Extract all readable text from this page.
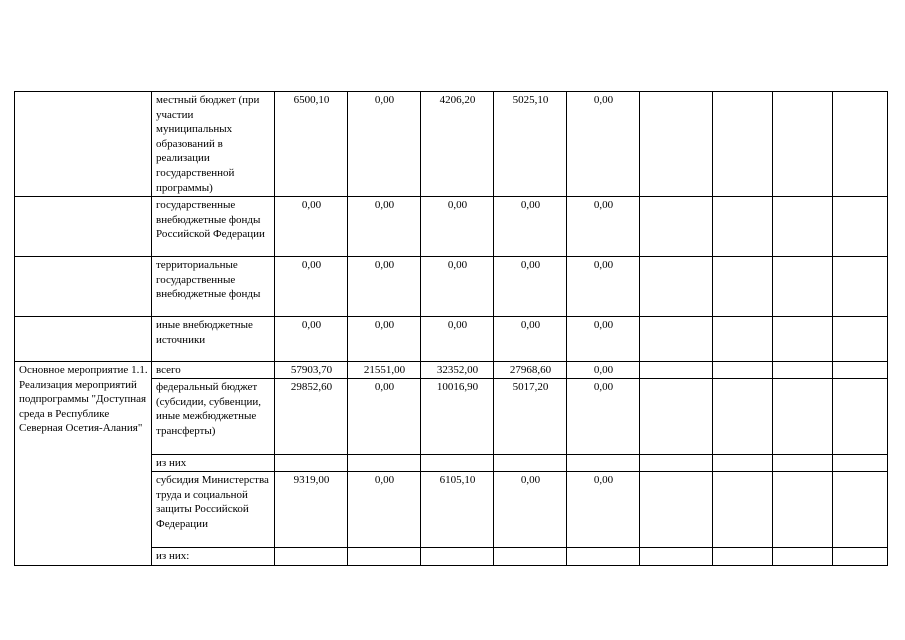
	местный бюджет (при участии муниципальных образований в реализации государственной программы)	6500,10	0,00	4206,20	5025,10	0,00				
	государственные внебюджетные фонды Российской Федерации	0,00	0,00	0,00	0,00	0,00				
	территориальные государственные внебюджетные фонды	0,00	0,00	0,00	0,00	0,00				
	иные внебюджетные источники	0,00	0,00	0,00	0,00	0,00				
Основное мероприятие 1.1. Реализация мероприятий подпрограммы "Доступная среда в Республике Северная Осетия-Алания"	всего	57903,70	21551,00	32352,00	27968,60	0,00				
	федеральный бюджет (субсидии, субвенции, иные межбюджетные трансферты)	29852,60	0,00	10016,90	5017,20	0,00				
	из них									
	субсидия Министерства труда и социальной защиты Российской Федерации	9319,00	0,00	6105,10	0,00	0,00				
	из них:									
